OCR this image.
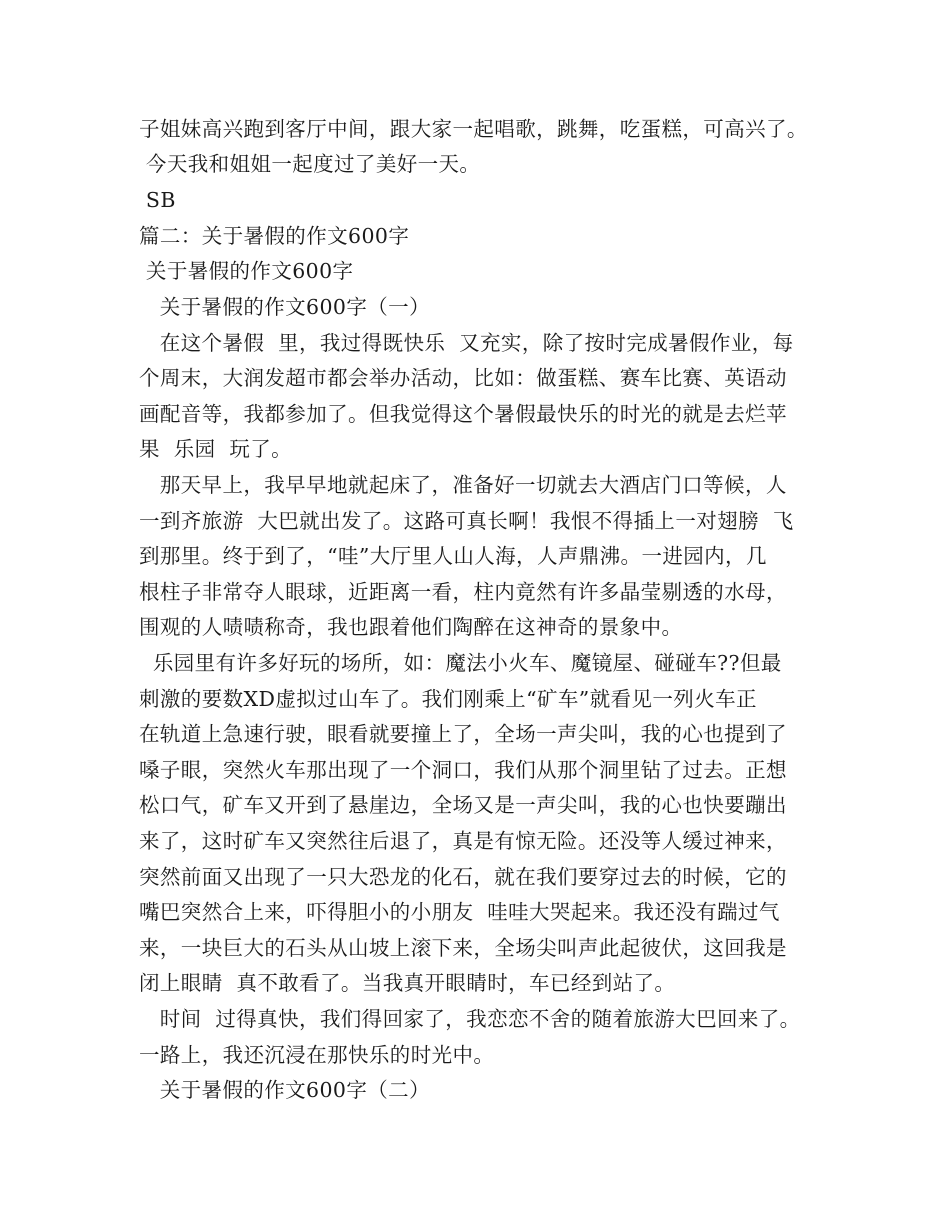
子姐妹高兴跑到客厅中间，跟大家一起唱歌，跳舞，吃蛋糕，可高兴了。
今天我和姐姐一起度过了美好一天。
SB
篇二：关于暑假的作文600字
关于暑假的作文600字
关于暑假的作文600字（一）
在这个暑假  里，我过得既快乐  又充实，除了按时完成暑假作业，每
个周末，大润发超市都会举办活动，比如：做蛋糕、赛车比赛、英语动
画配音等，我都参加了。但我觉得这个暑假最快乐的时光的就是去烂苹
果  乐园  玩了。
那天早上，我早早地就起床了，准备好一切就去大酒店门口等候，人
一到齐旅游  大巴就出发了。这路可真长啊！我恨不得插上一对翅膀  飞
到那里。终于到了，“哇”大厅里人山人海，人声鼎沸。一进园内，几
根柱子非常夺人眼球，近距离一看，柱内竟然有许多晶莹剔透的水母，
围观的人啧啧称奇，我也跟着他们陶醉在这神奇的景象中。
乐园里有许多好玩的场所，如：魔法小火车、魔镜屋、碰碰车??但最
刺激的要数XD虚拟过山车了。我们刚乘上“矿车”就看见一列火车正
在轨道上急速行驶，眼看就要撞上了，全场一声尖叫，我的心也提到了
嗓子眼，突然火车那出现了一个洞口，我们从那个洞里钻了过去。正想
松口气，矿车又开到了悬崖边，全场又是一声尖叫，我的心也快要蹦出
来了，这时矿车又突然往后退了，真是有惊无险。还没等人缓过神来，
突然前面又出现了一只大恐龙的化石，就在我们要穿过去的时候，它的
嘴巴突然合上来，吓得胆小的小朋友  哇哇大哭起来。我还没有踹过气
来，一块巨大的石头从山坡上滚下来，全场尖叫声此起彼伏，这回我是
闭上眼睛  真不敢看了。当我真开眼睛时，车已经到站了。
时间  过得真快，我们得回家了，我恋恋不舍的随着旅游大巴回来了。
一路上，我还沉浸在那快乐的时光中。
关于暑假的作文600字（二）
